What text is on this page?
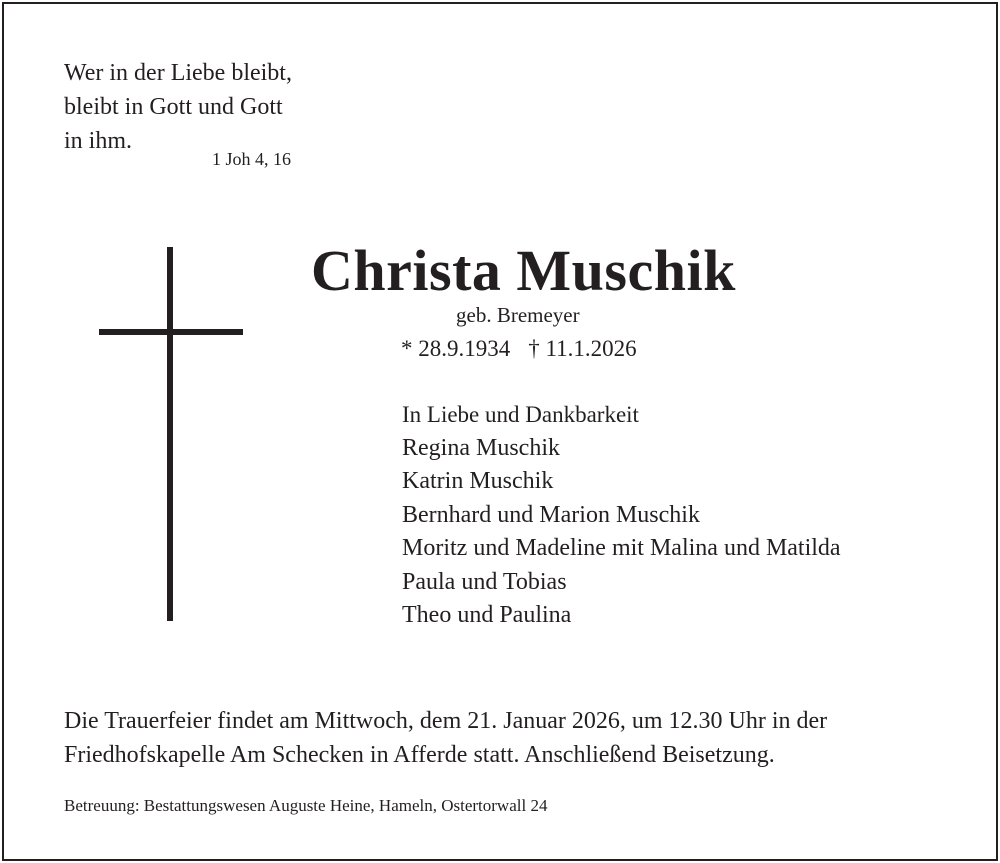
Wer in der Liebe bleibt,
bleibt in Gott und Gott
in ihm.
1 Joh 4, 16
Christa Muschik
geb. Bremeyer
* 28.9.1934 † 11.1.2026
In Liebe und Dankbarkeit
Regina Muschik
Katrin Muschik
Bernhard und Marion Muschik
Moritz und Madeline mit Malina und Matilda
Paula und Tobias
Theo und Paulina
Die Trauerfeier findet am Mittwoch, dem 21. Januar 2026, um 12.30 Uhr in der
Friedhofskapelle Am Schecken in Afferde statt. Anschließend Beisetzung.
Betreuung: Bestattungswesen Auguste Heine, Hameln, Ostertorwall 24
